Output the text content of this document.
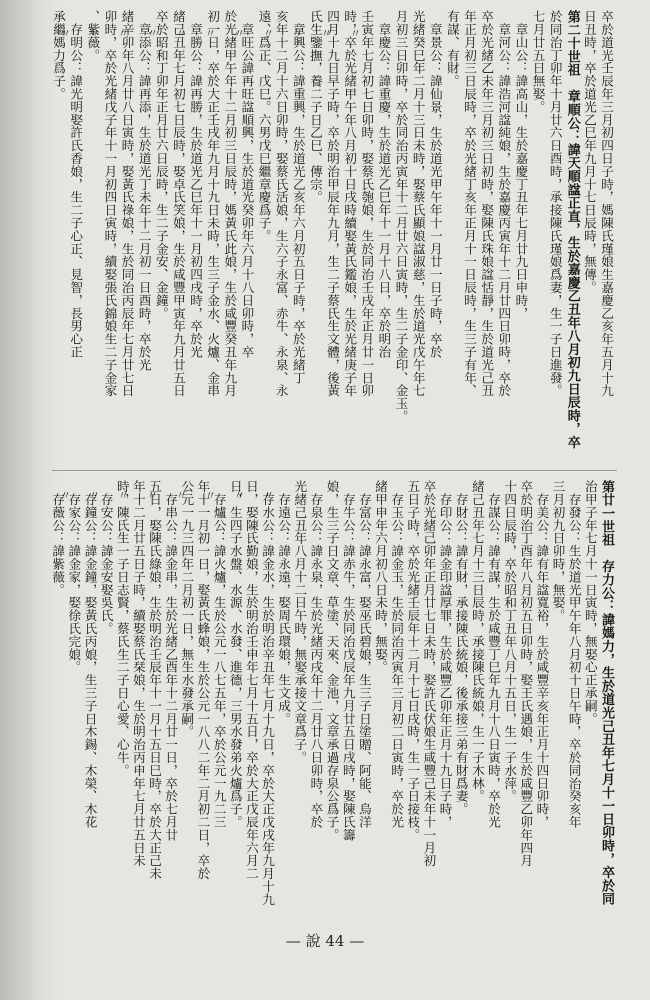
〃〃〃〃〃〃〃〃〃〃〃	卒於道光壬辰年三月初四日子時，媽陳氏瑾娘生嘉慶乙亥年五月十九
日丑時，卒於道光乙巳年九月十七日辰時，無傳。
第二十世祖　章順公：諱天順諡正直，生於嘉慶乙丑年八月初九日辰時，卒
於同治丁卯年十月廿六日酉時，承接陳氏瑾娘爲妻，生一子日進發。
七月廿五日無娶。
　章山公：諱高山，生於嘉慶丁丑年七月廿九日申時，
　章河公：諱浩河諡純娘，生於嘉慶丙寅年十二月廿四日卯時，卒於
卒於光緒乙未年三月初三日初時，娶陳氏珠娘諡恬靜，生於道光己丑
年正月初三日辰時，卒於光緒丁亥年正月十一日辰時，生三子有年、
有謀、有財。
　章景公：諱仙景，生於道光甲午年十一月廿一日子時，卒於
光緒癸巳年二月十三日未時，娶蔡氏顯娘諡淑慈，生於道光戊午年七
月初三日卯時，卒於同治丙寅年十二月廿六日寅時，生二子金印、金玉。
　章慶公：諱重慶，生於道光乙巳年十一月十八日，卒於明治
壬寅年七月初七日卯時，娶蔡氏匏娘，生於同治壬戌年正月廿一日卯
時，卒於光緒甲午年八月初十日戌時續娶黃氏鑑娘，生於光緒庚子年
四月十九日早子時，卒於明治甲辰年九月，生二子蔡氏生文體，後黃
氏生鑒撫，養二子日乙巳、傳宗。
　章興公：諱重興，生於道光乙亥年六月初五日子時，卒於光緒丁
亥年十二月十六日卯時，娶蔡氏活娘，生六子永富、赤牛、永泉、永
遠、爲正、戊巳。六男戊巳繼章慶爲子。
　章旺公諱再旺諡順興，生於道光癸卯年六月十八日卯時，卒
於光緒甲午年十二月初三日辰時，媽黃氏此娘，生於咸豐癸丑年九月
初一日，卒於大正壬戌年九月十九日未時，生三子金水、火爐、金串
　章勝公：諱再勝，生於道光乙巳年十一月初四戌時，卒於光
緒己丑年七月初七日辰時，娶卓氏笑娘，生於咸豐甲寅年九月廿五日
卒於昭和丁卯年正月廿六日辰時，生二子金安、金鐘。
　章添公：諱再添，生於道光丁未年十二月初一日酉時，卒於光
緒辛卯年八月廿八日寅時，娶黃氏祿娘，生於同治丙辰年七月廿七日
卯時，卒於光緒戊子年十一月初四日寅時，續娶張氏錦娘生二子金家
、紫薇。
　存明公：諱光明娶許氏香娘，生二子心正、見智，長男心正
承繼媽力爲子。
〃〃〃〃〃〃〃〃	第廿一世祖　存力公：諱媽力，生於道光己丑年七月十一日卯時，卒於同
治甲子年七月十一日寅時，無娶心正承嗣。
　存發公：生於道光甲午年八月初十日午時，卒於同治癸亥年
三月初九日卯時，無娶。
　存美公：諱有年諡寬裕，生於咸豐辛亥年正月十四日卯時，
卒於明治丁酉年八月初五日卯時，娶王氏遇娘，生於咸豐乙卯年四月
十四日辰時，卒於昭和丁丑年八月十五日，生一子水萍。
　存謀公：諱有謀，生於咸豐丁巳年九月十八日寅時，卒於光
緒己丑年七月十三日辰時，承接陳氏統娘，生一子木林。
　存財公：諱有財，承接陳氏統娘，後承接三弟有財爲妻。
　存印公：諱金印諡厚罪，生於咸豐乙卯年正月十九日子時，
卒於光緒己卯年正月廿七日未時，娶許氏伏娘生咸豐己未年十一月初
五日子時，卒於光緒壬辰年十二月十七日戌時，生一子日接枝。
　存玉公：諱金玉，生於同治丙寅年三月初二日寅時，卒於光
緒甲申年六月初八日未時，無娶。
　存富公：諱永富，娶巫氏碧娘，生三子日塗贈、阿能、烏洋
　存牛公：諱赤牛，生於同治戊辰年九月廿五日戌時，娶陳氏籌
娘，生三子日文章、草塗、天來、金池，文章承過存泉公爲子。
　存泉公：諱永泉，生於光緒丙戌年十二月廿八日卯時，卒於
光緒己丑年八月十二日午時，無娶承接文章爲子。
　存遠公：諱永遠，娶周氏環娘，生文成。
　存水公：諱金水，生於明治辛丑年七月十九日，卒於大正戊戌年九月十九
日，娶陳氏勤娘，生於明治壬申年七月十五日，卒於大正戊辰年六月二
日，生四子水盤、水源、水發、進德，三男水發弟火爐爲子。
　存爐公：諱火爐，生於公元一八七五年，卒於公元一九二三
年十一月初一日，娶黃氏蜂娘，生於公元一八八二年二月初二日，卒於
公元一九三四年二月初一日，無生水發承嗣。
　存串公：諱金串，生於光緒乙酉年十二月廿一日，卒於七月廿
五日，娶陳氏綠娘，生於明治壬辰年十一月十五日巳時，卒於大正己未
年十二月廿五日子時，續娶蔡氏栞娘，生於明治丙申年七月廿五日未
時，陳氏生一子日志賢，蔡氏生二子日心愛、心牛。
　存安公：諱金安娶吳氏。
　存鐘公：諱金鐘，娶黃氏丙娘，生三子日木錫、木榮、木花
　存家公：諱金家，娶徐氏完娘。
　存薇公：諱紫薇。
— 說 44 —
